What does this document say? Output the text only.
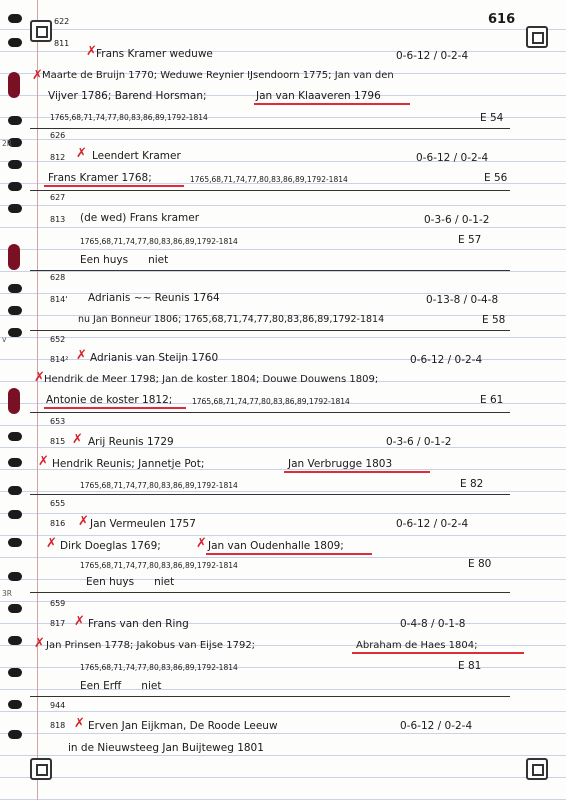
616
2R
v
3R
622
811
✗ Frans Kramer weduwe	0-6-12 / 0-2-4
✗ Maarte de Bruijn 1770; Weduwe Reynier IJsendoorn 1775; Jan van den
Vijver 1786; Barend Horsman;	Jan van Klaaveren 1796
1765,68,71,74,77,80,83,86,89,1792-1814	E 54
626
812 ✗ Leendert Kramer	0-6-12 / 0-2-4
Frans Kramer 1768;	1765,68,71,74,77,80,83,86,89,1792-1814	E 56
627
813 (de wed) Frans kramer	0-3-6 / 0-1-2
1765,68,71,74,77,80,83,86,89,1792-1814	E 57
Een huys      niet
628
814' Adrianis ~~ Reunis 1764	0-13-8 / 0-4-8
nu Jan Bonneur 1806; 1765,68,71,74,77,80,83,86,89,1792-1814	E 58
652
814² ✗ Adrianis van Steijn 1760	0-6-12 / 0-2-4
✗ Hendrik de Meer 1798; Jan de koster 1804; Douwe Douwens 1809;
Antonie de koster 1812;	1765,68,71,74,77,80,83,86,89,1792-1814	E 61
653
815 ✗ Arij Reunis 1729	0-3-6 / 0-1-2
✗ Hendrik Reunis; Jannetje Pot;	Jan Verbrugge 1803
1765,68,71,74,77,80,83,86,89,1792-1814	E 82
655
816 ✗ Jan Vermeulen 1757	0-6-12 / 0-2-4
✗ Dirk Doeglas 1769;	✗ Jan van Oudenhalle 1809;
1765,68,71,74,77,80,83,86,89,1792-1814	E 80
Een huys      niet
659
817 ✗ Frans van den Ring	0-4-8 / 0-1-8
✗ Jan Prinsen 1778; Jakobus van Eijse 1792;	Abraham de Haes 1804;
1765,68,71,74,77,80,83,86,89,1792-1814	E 81
Een Erff      niet
944
818 ✗ Erven Jan Eijkman, De Roode Leeuw	0-6-12 / 0-2-4
in de Nieuwsteeg Jan Buijteweg 1801
